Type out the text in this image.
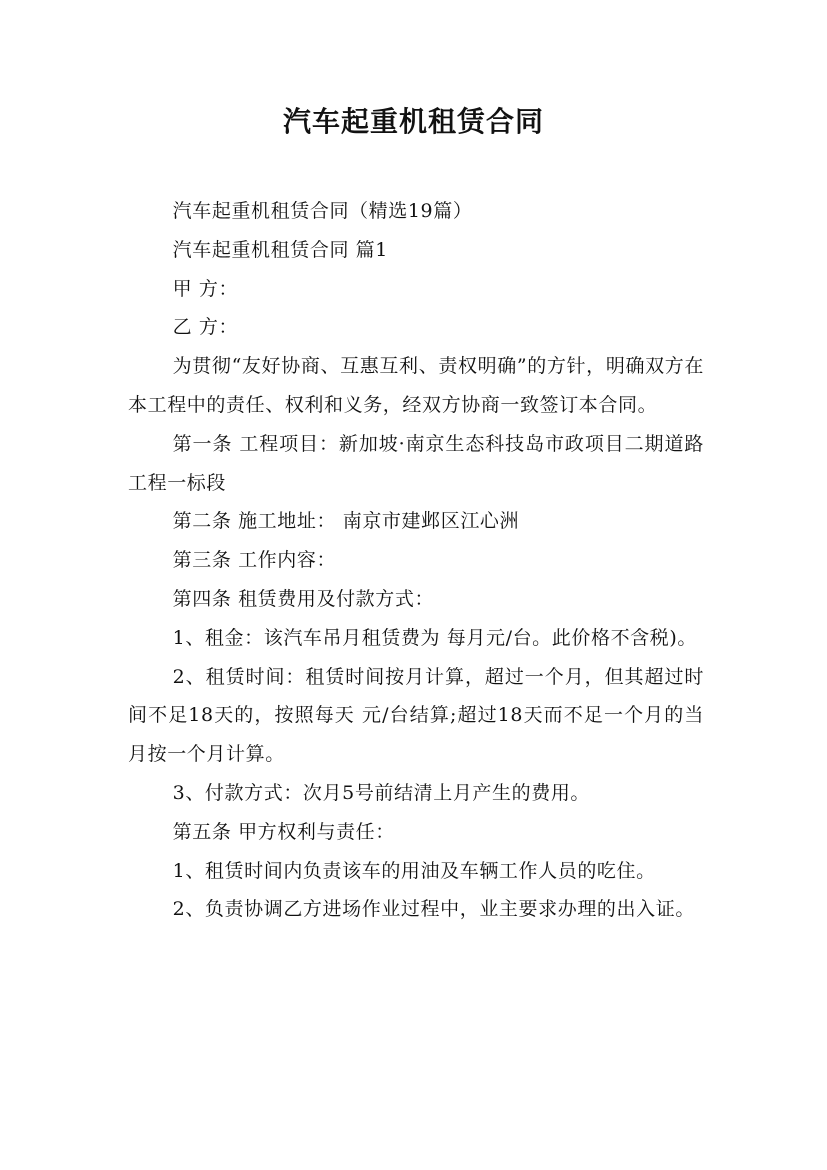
汽车起重机租赁合同

汽车起重机租赁合同（精选19篇）

汽车起重机租赁合同 篇1

甲 方：

乙 方：

为贯彻“友好协商、互惠互利、责权明确”的方针，明确双方在本工程中的责任、权利和义务，经双方协商一致签订本合同。

第一条 工程项目：新加坡·南京生态科技岛市政项目二期道路工程一标段

第二条 施工地址： 南京市建邺区江心洲

第三条 工作内容：

第四条 租赁费用及付款方式：

1、租金：该汽车吊月租赁费为 每月元/台。此价格不含税)。

2、租赁时间：租赁时间按月计算，超过一个月，但其超过时间不足18天的，按照每天 元/台结算;超过18天而不足一个月的当月按一个月计算。

3、付款方式：次月5号前结清上月产生的费用。

第五条 甲方权利与责任：

1、租赁时间内负责该车的用油及车辆工作人员的吃住。

2、负责协调乙方进场作业过程中，业主要求办理的出入证。
